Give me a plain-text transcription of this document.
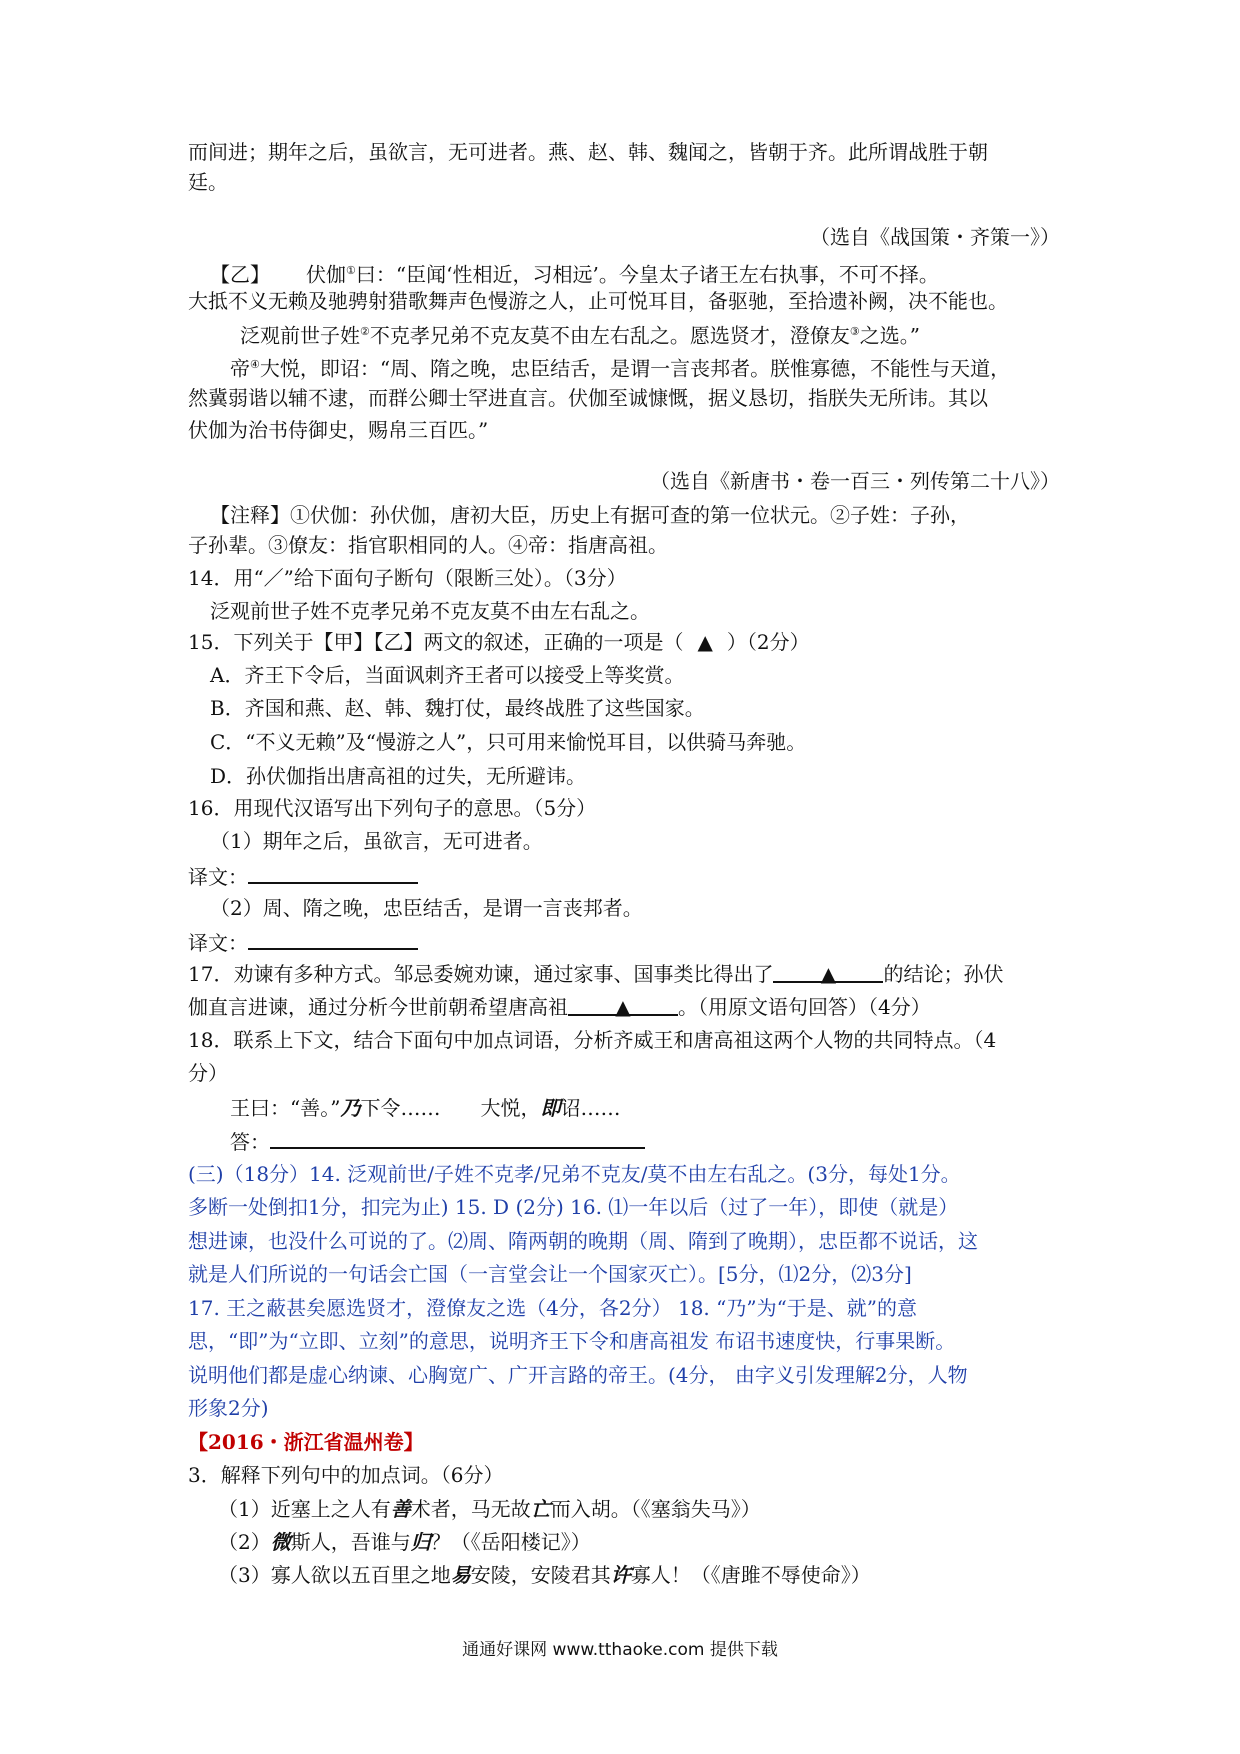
而间进；期年之后，虽欲言，无可进者。燕、赵、韩、魏闻之，皆朝于齐。此所谓战胜于朝
廷。
（选自《战国策・齐策一》）
【乙】 伏伽①曰：“臣闻‘性相近，习相远’。今皇太子诸王左右执事，不可不择。
大抵不义无赖及驰骋射猎歌舞声色慢游之人，止可悦耳目，备驱驰，至拾遗补阙，决不能也。
泛观前世子姓②不克孝兄弟不克友莫不由左右乱之。愿选贤才，澄僚友③之选。”
帝④大悦，即诏：“周、隋之晚，忠臣结舌，是谓一言丧邦者。朕惟寡德，不能性与天道，
然冀弱谐以辅不逮，而群公卿士罕进直言。伏伽至诚慷慨，据义恳切，指朕失无所讳。其以
伏伽为治书侍御史，赐帛三百匹。”
（选自《新唐书・卷一百三・列传第二十八》）
【注释】①伏伽：孙伏伽，唐初大臣，历史上有据可查的第一位状元。②子姓：子孙，
子孙辈。③僚友：指官职相同的人。④帝：指唐高祖。
14．用“／”给下面句子断句（限断三处）。（3分）
泛观前世子姓不克孝兄弟不克友莫不由左右乱之。
15．下列关于【甲】【乙】两文的叙述，正确的一项是（ ▲ ）（2分）
A．齐王下令后，当面讽刺齐王者可以接受上等奖赏。
B．齐国和燕、赵、韩、魏打仗，最终战胜了这些国家。
C．“不义无赖”及“慢游之人”，只可用来愉悦耳目，以供骑马奔驰。
D．孙伏伽指出唐高祖的过失，无所避讳。
16．用现代汉语写出下列句子的意思。（5分）
（1）期年之后，虽欲言，无可进者。
译文：
（2）周、隋之晚，忠臣结舌，是谓一言丧邦者。
译文：
17．劝谏有多种方式。邹忌委婉劝谏，通过家事、国事类比得出了 ▲ 的结论；孙伏
伽直言进谏，通过分析今世前朝希望唐高祖 ▲ 。（用原文语句回答）（4分）
18．联系上下文，结合下面句中加点词语，分析齐威王和唐高祖这两个人物的共同特点。（4
分）
王曰：“善。”乃下令…… 大悦，即诏……
答：
(三)（18分）14. 泛观前世/子姓不克孝/兄弟不克友/莫不由左右乱之。(3分，每处1分。
多断一处倒扣1分，扣完为止) 15. D (2分) 16. ⑴一年以后（过了一年），即使（就是）
想进谏，也没什么可说的了。⑵周、隋两朝的晚期（周、隋到了晚期），忠臣都不说话，这
就是人们所说的一句话会亡国（一言堂会让一个国家灭亡）。[5分，⑴2分，⑵3分]
17. 王之蔽甚矣愿选贤才，澄僚友之选（4分，各2分） 18. “乃”为“于是、就”的意
思，“即”为“立即、立刻”的意思，说明齐王下令和唐高祖发 布诏书速度快，行事果断。
说明他们都是虚心纳谏、心胸宽广、广开言路的帝王。(4分， 由字义引发理解2分，人物
形象2分)
【2016・浙江省温州卷】
3．解释下列句中的加点词。（6分）
（1）近塞上之人有善术者，马无故亡而入胡。（《塞翁失马》）
（2）微斯人，吾谁与归？（《岳阳楼记》）
（3）寡人欲以五百里之地易安陵，安陵君其许寡人！（《唐雎不辱使命》）
通通好课网 www.tthaoke.com 提供下载
